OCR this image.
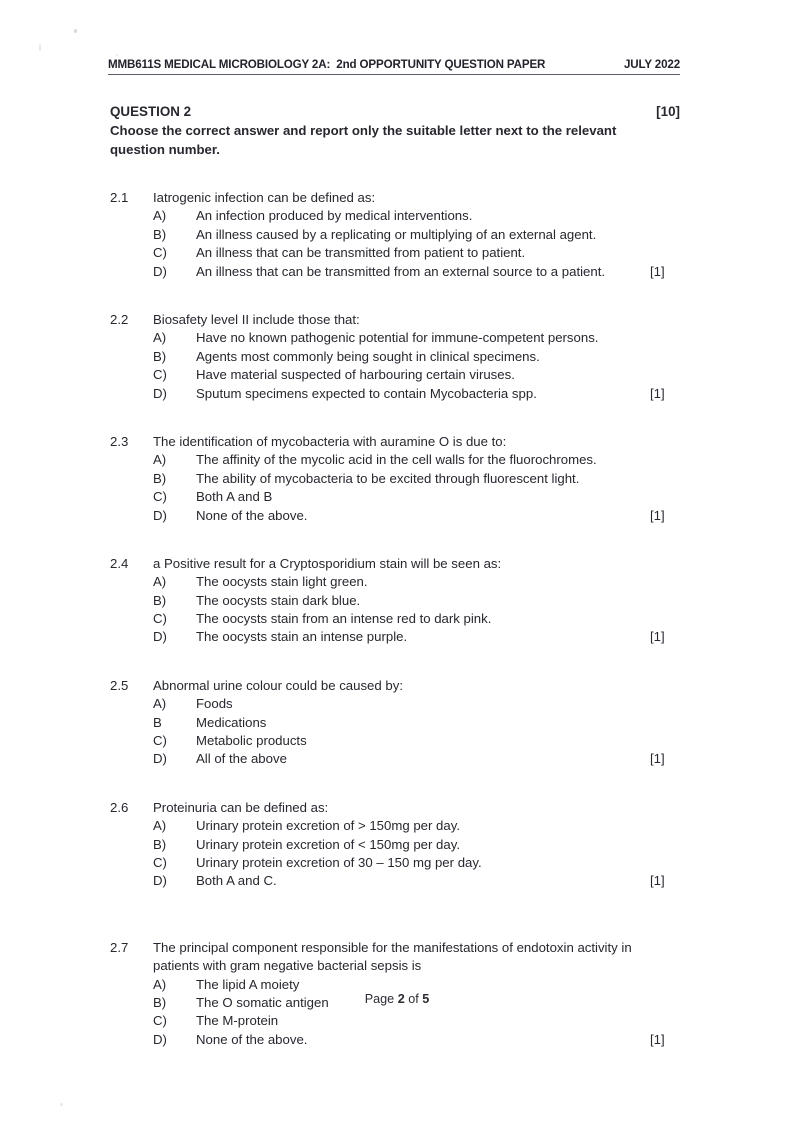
MMB611S MEDICAL MICROBIOLOGY 2A:  2nd OPPORTUNITY QUESTION PAPER	JULY 2022
QUESTION 2	[10]
Choose the correct answer and report only the suitable letter next to the relevant question number.
2.1	Iatrogenic infection can be defined as:
A)	An infection produced by medical interventions.
B)	An illness caused by a replicating or multiplying of an external agent.
C)	An illness that can be transmitted from patient to patient.
D)	An illness that can be transmitted from an external source to a patient.	[1]
2.2	Biosafety level II include those that:
A)	Have no known pathogenic potential for immune-competent persons.
B)	Agents most commonly being sought in clinical specimens.
C)	Have material suspected of harbouring certain viruses.
D)	Sputum specimens expected to contain Mycobacteria spp.	[1]
2.3	The identification of mycobacteria with auramine O is due to:
A)	The affinity of the mycolic acid in the cell walls for the fluorochromes.
B)	The ability of mycobacteria to be excited through fluorescent light.
C)	Both A and B
D)	None of the above.	[1]
2.4	a Positive result for a Cryptosporidium stain will be seen as:
A)	The oocysts stain light green.
B)	The oocysts stain dark blue.
C)	The oocysts stain from an intense red to dark pink.
D)	The oocysts stain an intense purple.	[1]
2.5	Abnormal urine colour could be caused by:
A)	Foods
B	Medications
C)	Metabolic products
D)	All of the above	[1]
2.6	Proteinuria can be defined as:
A)	Urinary protein excretion of > 150mg per day.
B)	Urinary protein excretion of < 150mg per day.
C)	Urinary protein excretion of 30 – 150 mg per day.
D)	Both A and C.	[1]
2.7	The principal component responsible for the manifestations of endotoxin activity in patients with gram negative bacterial sepsis is
A)	The lipid A moiety
B)	The O somatic antigen
C)	The M-protein
D)	None of the above.	[1]
Page 2 of 5
